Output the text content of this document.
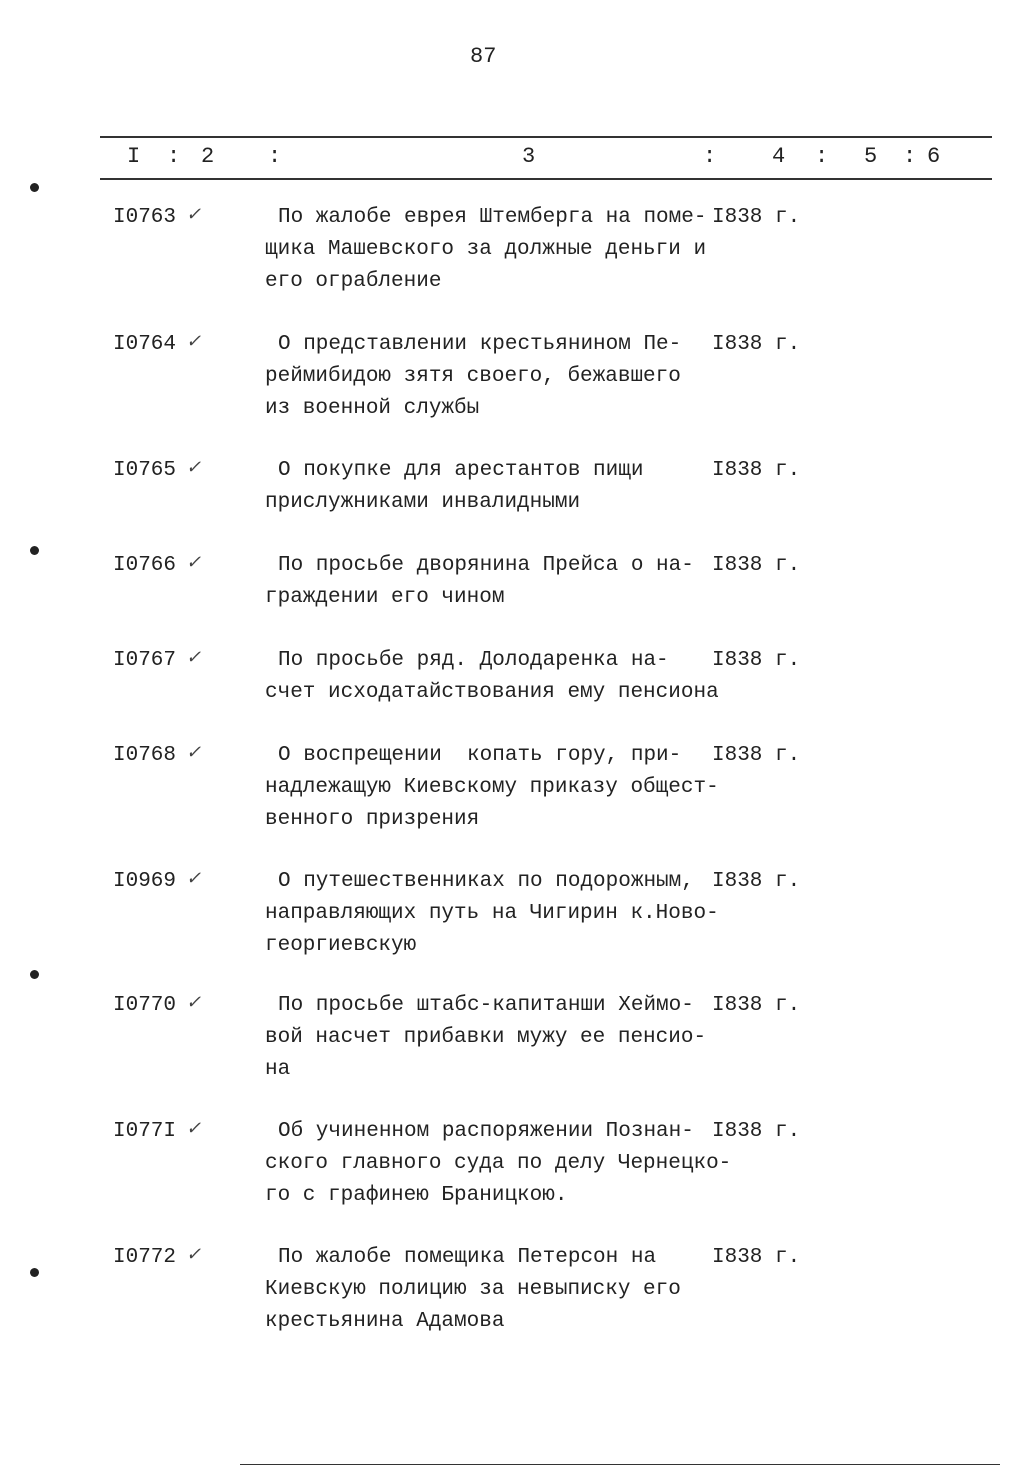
87
I : 2 :	3	:	4 : 5 : 6
I0763 ✓	По жалобе еврея Штемберга на поме-
щика Машевского за должные деньги и
его ограбление
I838 г.
I0764 ✓	О представлении крестьянином Пе-
реймибидою зятя своего, бежавшего
из военной службы
I838 г.
I0765 ✓	О покупке для арестантов пищи
прислужниками инвалидными
I838 г.
I0766 ✓	По просьбе дворянина Прейса о на-
граждении его чином
I838 г.
I0767 ✓	По просьбе ряд. Долодаренка на-
счет исходатайствования ему пенсиона
I838 г.
I0768 ✓	О воспрещении  копать гору, при-
надлежащую Киевскому приказу общест-
венного призрения
I838 г.
I0969 ✓	О путешественниках по подорожным,
направляющих путь на Чигирин к.Ново-
георгиевскую
I838 г.
I0770 ✓	По просьбе штабс-капитанши Хеймо-
вой насчет прибавки мужу ее пенсио-
на
I838 г.
I077I ✓	Об учиненном распоряжении Познан-
ского главного суда по делу Чернецко-
го с графинею Браницкою.
I838 г.
I0772 ✓	По жалобе помещика Петерсон на
Киевскую полицию за невыписку его
крестьянина Адамова
I838 г.
